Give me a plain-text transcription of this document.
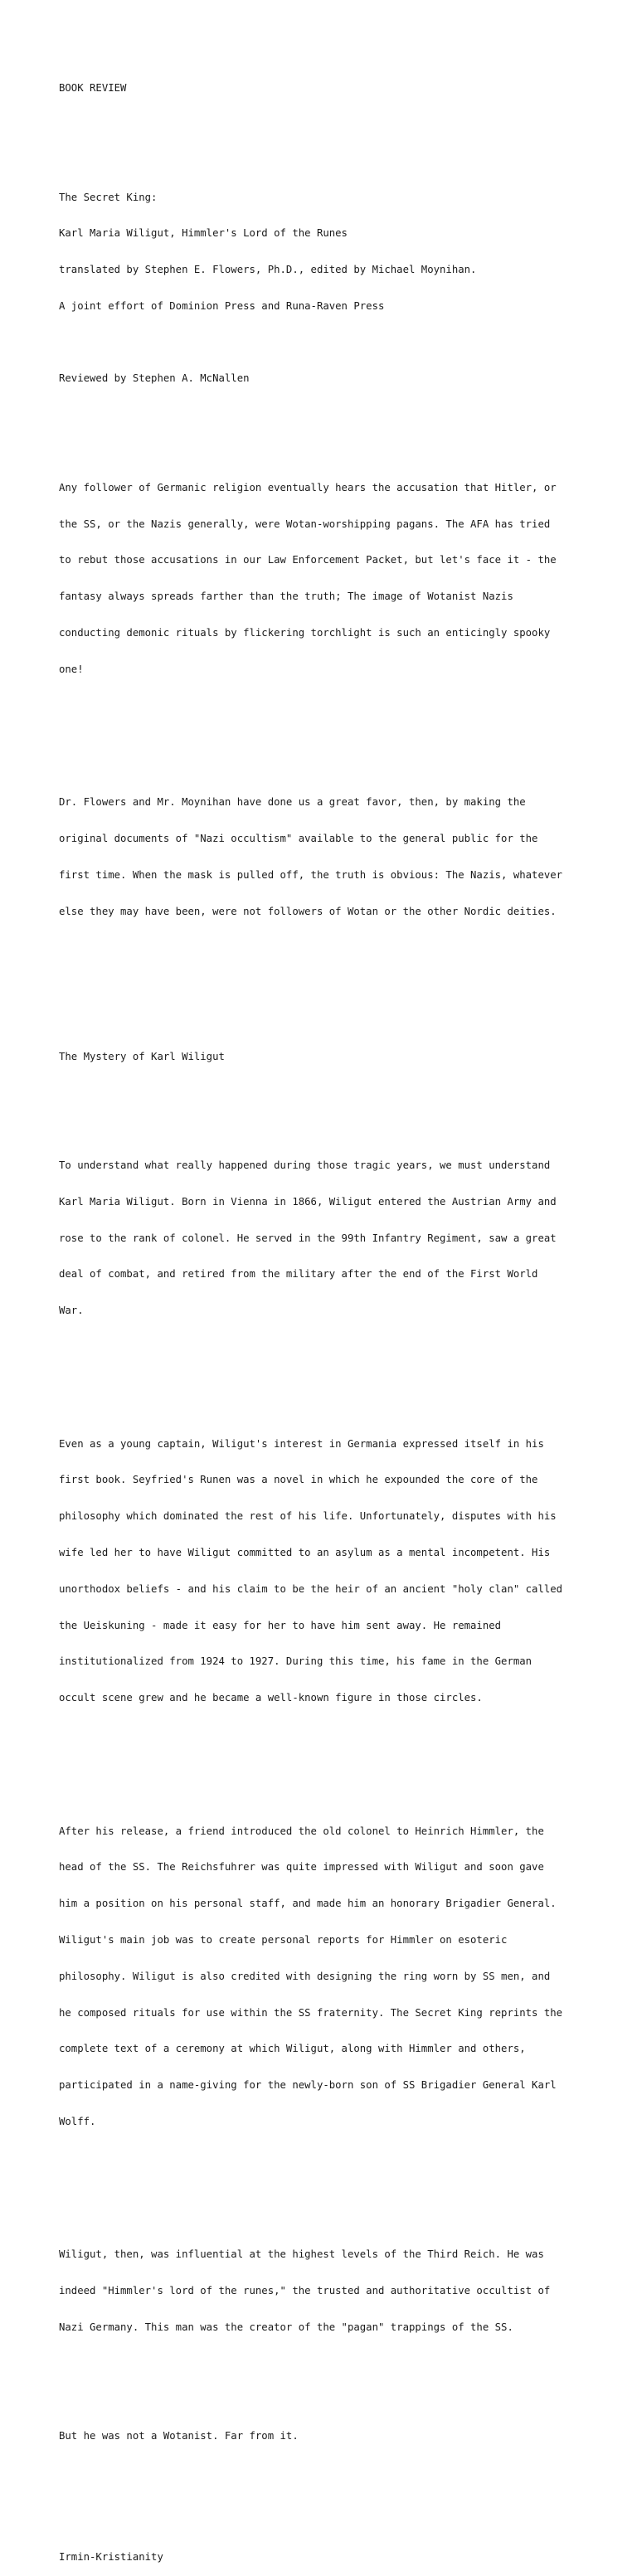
BOOK REVIEW

The Secret King:

Karl Maria Wiligut, Himmler's Lord of the Runes

translated by Stephen E. Flowers, Ph.D., edited by Michael Moynihan.

A joint effort of Dominion Press and Runa-Raven Press

Reviewed by Stephen A. McNallen

Any follower of Germanic religion eventually hears the accusation that Hitler, or

the SS, or the Nazis generally, were Wotan-worshipping pagans. The AFA has tried

to rebut those accusations in our Law Enforcement Packet, but let's face it - the

fantasy always spreads farther than the truth; The image of Wotanist Nazis

conducting demonic rituals by flickering torchlight is such an enticingly spooky

one!

Dr. Flowers and Mr. Moynihan have done us a great favor, then, by making the

original documents of "Nazi occultism" available to the general public for the

first time. When the mask is pulled off, the truth is obvious: The Nazis, whatever

else they may have been, were not followers of Wotan or the other Nordic deities.

The Mystery of Karl Wiligut

To understand what really happened during those tragic years, we must understand

Karl Maria Wiligut. Born in Vienna in 1866, Wiligut entered the Austrian Army and

rose to the rank of colonel. He served in the 99th Infantry Regiment, saw a great

deal of combat, and retired from the military after the end of the First World

War.

Even as a young captain, Wiligut's interest in Germania expressed itself in his

first book. Seyfried's Runen was a novel in which he expounded the core of the

philosophy which dominated the rest of his life. Unfortunately, disputes with his

wife led her to have Wiligut committed to an asylum as a mental incompetent. His

unorthodox beliefs - and his claim to be the heir of an ancient "holy clan" called

the Ueiskuning - made it easy for her to have him sent away. He remained

institutionalized from 1924 to 1927. During this time, his fame in the German

occult scene grew and he became a well-known figure in those circles.

After his release, a friend introduced the old colonel to Heinrich Himmler, the

head of the SS. The Reichsfuhrer was quite impressed with Wiligut and soon gave

him a position on his personal staff, and made him an honorary Brigadier General.

Wiligut's main job was to create personal reports for Himmler on esoteric

philosophy. Wiligut is also credited with designing the ring worn by SS men, and

he composed rituals for use within the SS fraternity. The Secret King reprints the

complete text of a ceremony at which Wiligut, along with Himmler and others,

participated in a name-giving for the newly-born son of SS Brigadier General Karl

Wolff.

Wiligut, then, was influential at the highest levels of the Third Reich. He was

indeed "Himmler's lord of the runes," the trusted and authoritative occultist of

Nazi Germany. This man was the creator of the "pagan" trappings of the SS.

But he was not a Wotanist. Far from it.

Irmin-Kristianity
